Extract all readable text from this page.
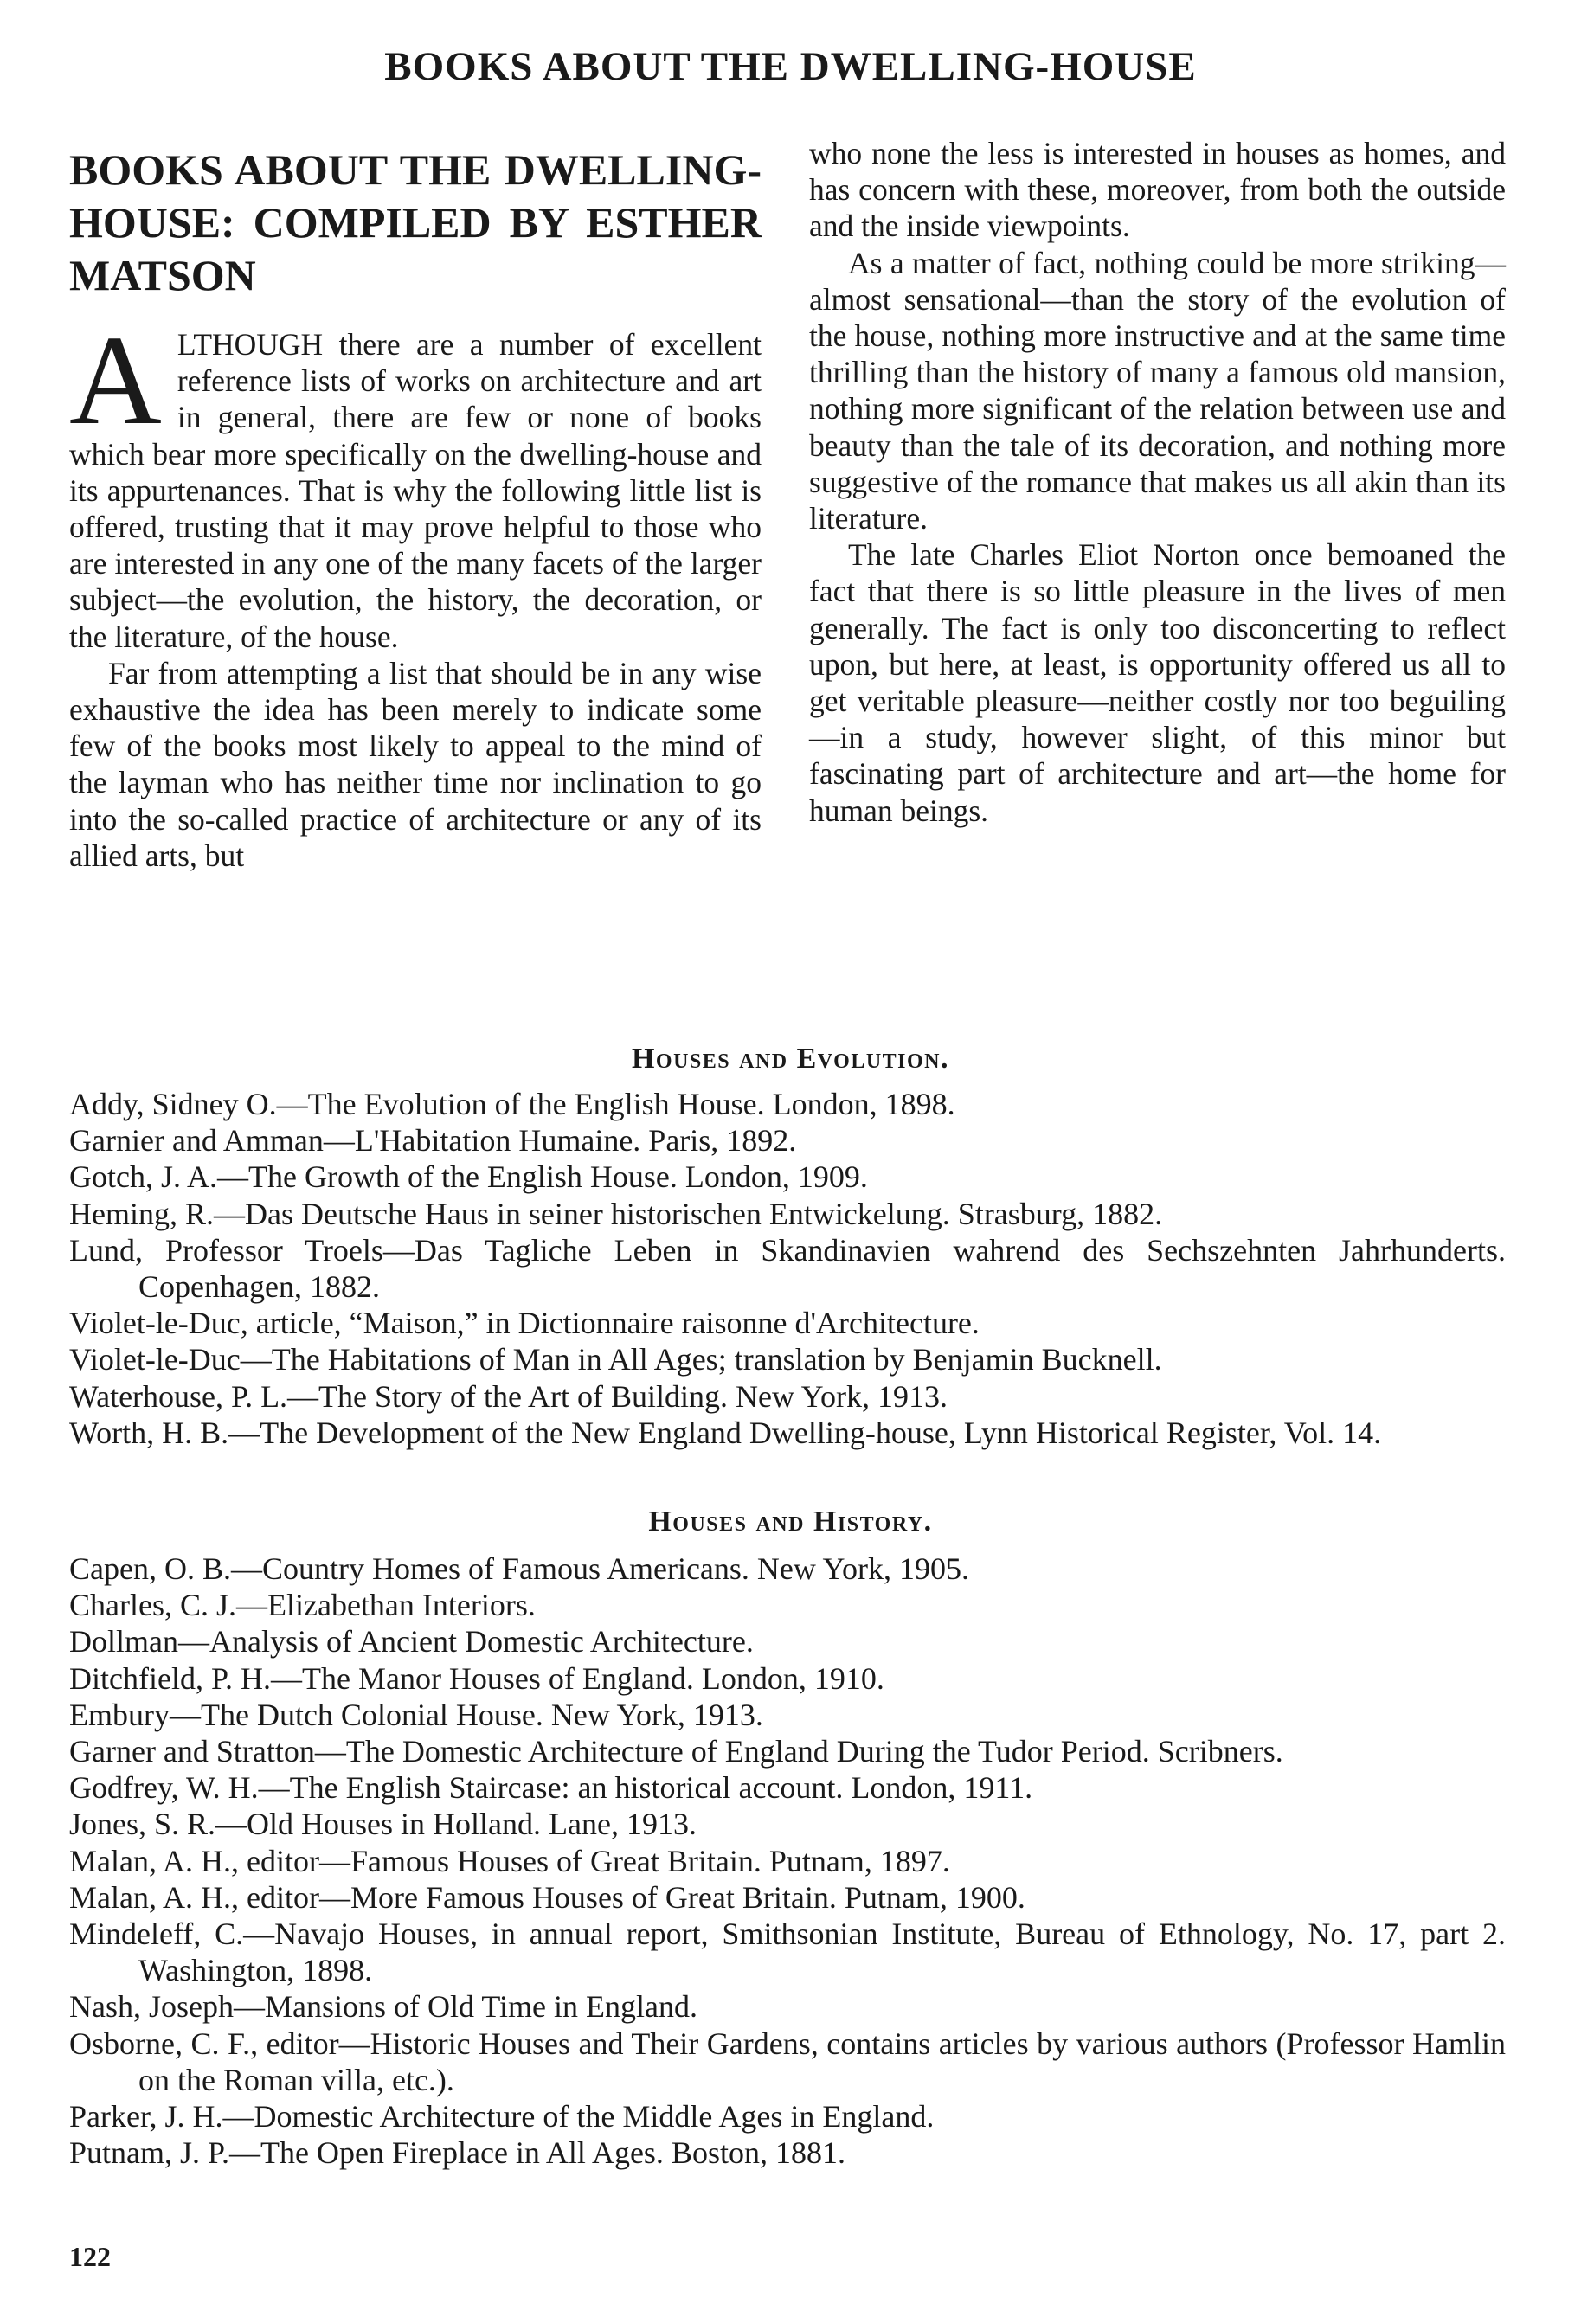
BOOKS ABOUT THE DWELLING-HOUSE
BOOKS ABOUT THE DWELLING-HOUSE: COMPILED BY ESTHER MATSON

ALTHOUGH there are a number of excellent reference lists of works on architecture and art in general, there are few or none of books which bear more specifically on the dwelling-house and its appurtenances. That is why the following little list is offered, trusting that it may prove helpful to those who are interested in any one of the many facets of the larger subject—the evolution, the history, the decoration, or the literature, of the house.

Far from attempting a list that should be in any wise exhaustive the idea has been merely to indicate some few of the books most likely to appeal to the mind of the layman who has neither time nor inclination to go into the so-called practice of architecture or any of its allied arts, but

who none the less is interested in houses as homes, and has concern with these, moreover, from both the outside and the inside viewpoints.

As a matter of fact, nothing could be more striking—almost sensational—than the story of the evolution of the house, nothing more instructive and at the same time thrilling than the history of many a famous old mansion, nothing more significant of the relation between use and beauty than the tale of its decoration, and nothing more suggestive of the romance that makes us all akin than its literature.

The late Charles Eliot Norton once bemoaned the fact that there is so little pleasure in the lives of men generally. The fact is only too disconcerting to reflect upon, but here, at least, is opportunity offered us all to get veritable pleasure—neither costly nor too beguiling—in a study, however slight, of this minor but fascinating part of architecture and art—the home for human beings.

Houses and Evolution.
Addy, Sidney O.—The Evolution of the English House. London, 1898.
Garnier and Amman—L'Habitation Humaine. Paris, 1892.
Gotch, J. A.—The Growth of the English House. London, 1909.
Heming, R.—Das Deutsche Haus in seiner historischen Entwickelung. Strasburg, 1882.
Lund, Professor Troels—Das Tagliche Leben in Skandinavien wahrend des Sechszehnten Jahrhunderts. Copenhagen, 1882.
Violet-le-Duc, article, “Maison,” in Dictionnaire raisonne d'Architecture.
Violet-le-Duc—The Habitations of Man in All Ages; translation by Benjamin Bucknell.
Waterhouse, P. L.—The Story of the Art of Building. New York, 1913.
Worth, H. B.—The Development of the New England Dwelling-house, Lynn Historical Register, Vol. 14.
Houses and History.
Capen, O. B.—Country Homes of Famous Americans. New York, 1905.
Charles, C. J.—Elizabethan Interiors.
Dollman—Analysis of Ancient Domestic Architecture.
Ditchfield, P. H.—The Manor Houses of England. London, 1910.
Embury—The Dutch Colonial House. New York, 1913.
Garner and Stratton—The Domestic Architecture of England During the Tudor Period. Scribners.
Godfrey, W. H.—The English Staircase: an historical account. London, 1911.
Jones, S. R.—Old Houses in Holland. Lane, 1913.
Malan, A. H., editor—Famous Houses of Great Britain. Putnam, 1897.
Malan, A. H., editor—More Famous Houses of Great Britain. Putnam, 1900.
Mindeleff, C.—Navajo Houses, in annual report, Smithsonian Institute, Bureau of Ethnology, No. 17, part 2. Washington, 1898.
Nash, Joseph—Mansions of Old Time in England.
Osborne, C. F., editor—Historic Houses and Their Gardens, contains articles by various authors (Professor Hamlin on the Roman villa, etc.).
Parker, J. H.—Domestic Architecture of the Middle Ages in England.
Putnam, J. P.—The Open Fireplace in All Ages. Boston, 1881.
122
